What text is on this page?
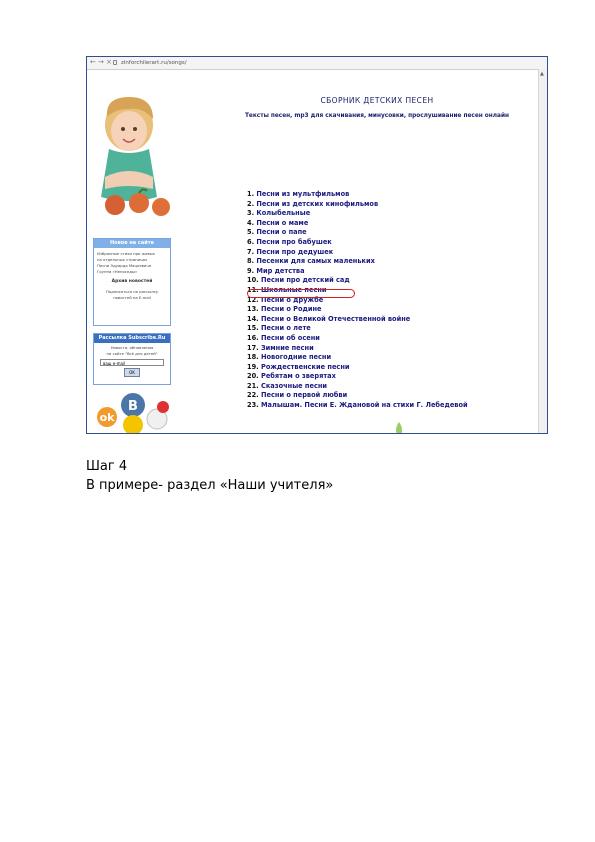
← → × zinforchilerart.ru/songs/
▲
Новое на сайте
Избранные стихи про живых
на отдельных страницах
Песни Эдуарда Мацкевича
Группа «Непоседы»
Архив новостей
Подписаться на рассылку
новостей на E-mail
Рассылка Subscribe.Ru
Новости, обновления
на сайте "Всё для детей"
ваш e-mail
OK
ok
B
СБОРНИК ДЕТСКИХ ПЕСЕН
Тексты песен, mp3 для скачивания, минусовки, прослушивание песен онлайн
1. Песни из мультфильмов
2. Песни из детских кинофильмов
3. Колыбельные
4. Песни о маме
5. Песни о папе
6. Песни про бабушек
7. Песни про дедушек
8. Песенки для самых маленьких
9. Мир детства
10. Песни про детский сад
11. Школьные песни
12. Песни о дружбе
13. Песни о Родине
14. Песни о Великой Отечественной войне
15. Песни о лете
16. Песни об осени
17. Зимние песни
18. Новогодние песни
19. Рождественские песни
20. Ребятам о зверятах
21. Сказочные песни
22. Песни о первой любви
23. Малышам. Песни Е. Ждановой на стихи Г. Лебедевой
Шаг 4
В примере- раздел «Наши учителя»
